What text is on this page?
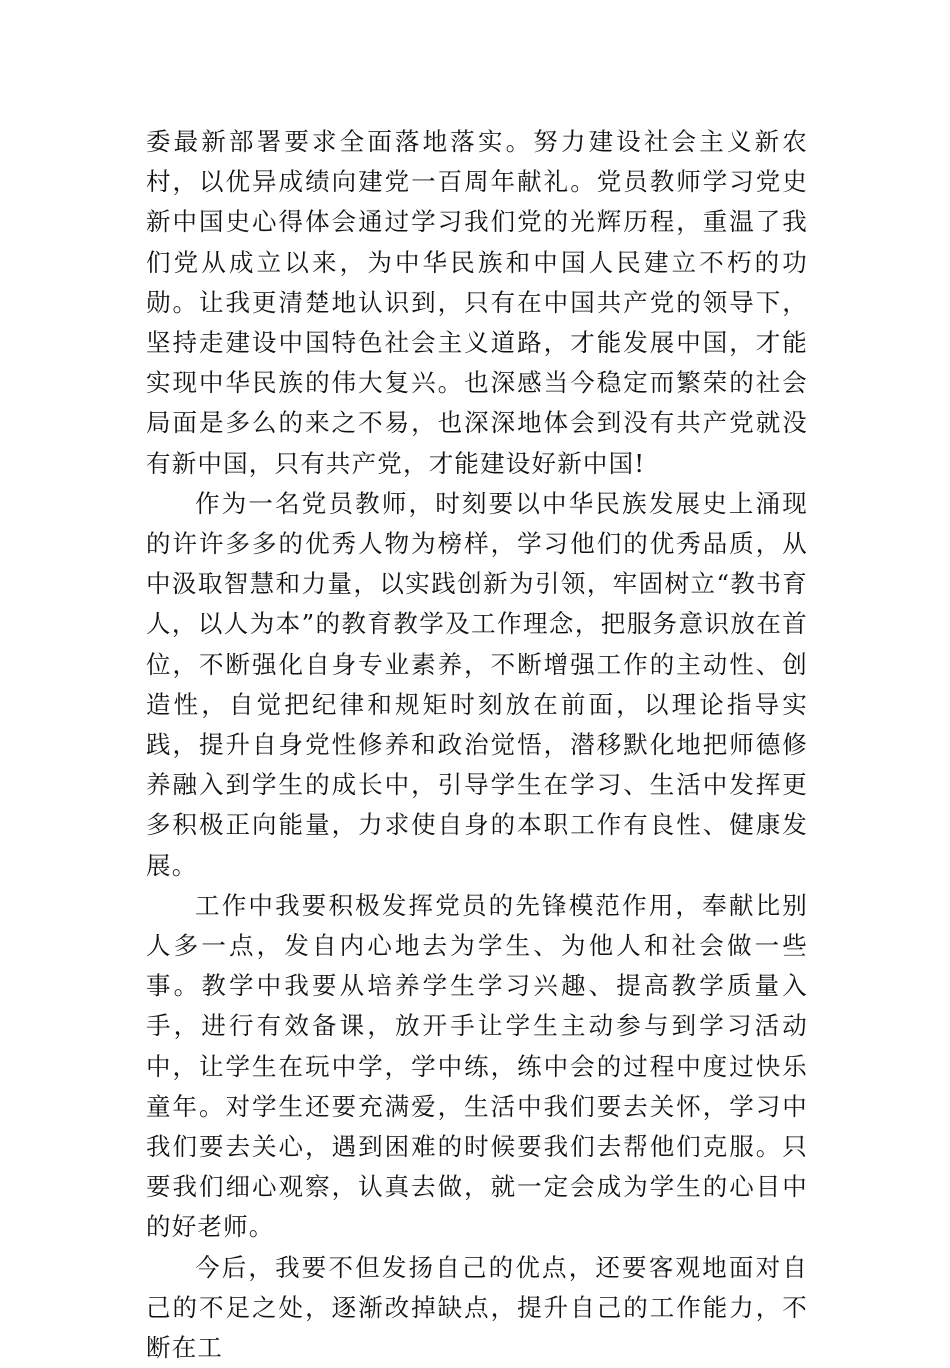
委最新部署要求全面落地落实。努力建设社会主义新农村，以优异成绩向建党一百周年献礼。党员教师学习党史新中国史心得体会通过学习我们党的光辉历程，重温了我们党从成立以来，为中华民族和中国人民建立不朽的功勋。让我更清楚地认识到，只有在中国共产党的领导下，坚持走建设中国特色社会主义道路，才能发展中国，才能实现中华民族的伟大复兴。也深感当今稳定而繁荣的社会局面是多么的来之不易，也深深地体会到没有共产党就没有新中国，只有共产党，才能建设好新中国!

作为一名党员教师，时刻要以中华民族发展史上涌现的许许多多的优秀人物为榜样，学习他们的优秀品质，从中汲取智慧和力量，以实践创新为引领，牢固树立“教书育人，以人为本”的教育教学及工作理念，把服务意识放在首位，不断强化自身专业素养，不断增强工作的主动性、创造性，自觉把纪律和规矩时刻放在前面，以理论指导实践，提升自身党性修养和政治觉悟，潜移默化地把师德修养融入到学生的成长中，引导学生在学习、生活中发挥更多积极正向能量，力求使自身的本职工作有良性、健康发展。

工作中我要积极发挥党员的先锋模范作用，奉献比别人多一点，发自内心地去为学生、为他人和社会做一些事。教学中我要从培养学生学习兴趣、提高教学质量入手，进行有效备课，放开手让学生主动参与到学习活动中，让学生在玩中学，学中练，练中会的过程中度过快乐童年。对学生还要充满爱，生活中我们要去关怀，学习中我们要去关心，遇到困难的时候要我们去帮他们克服。只要我们细心观察，认真去做，就一定会成为学生的心目中的好老师。

今后，我要不但发扬自己的优点，还要客观地面对自己的不足之处，逐渐改掉缺点，提升自己的工作能力，不断在工
